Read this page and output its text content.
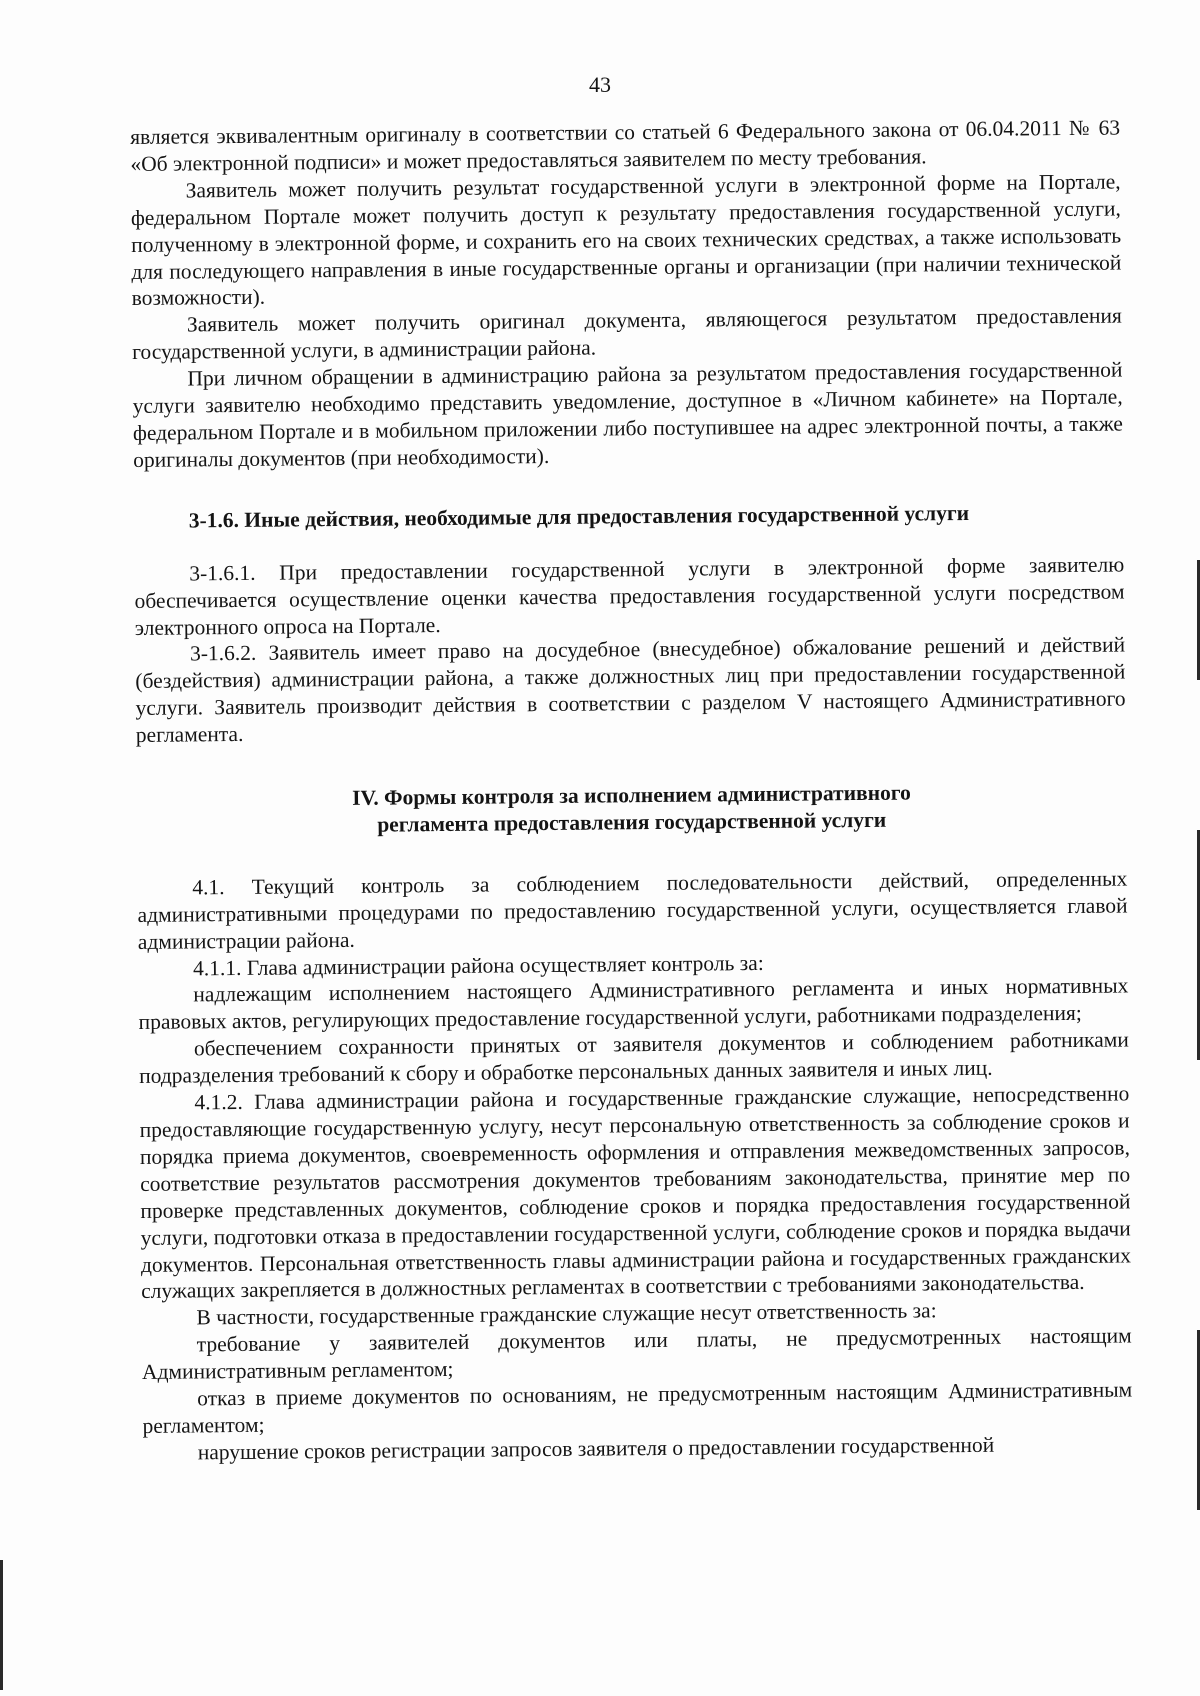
43

является эквивалентным оригиналу в соответствии со статьей 6 Федерального закона от 06.04.2011 № 63 «Об электронной подписи» и может предоставляться заявителем по месту требования.

Заявитель может получить результат государственной услуги в электронной форме на Портале, федеральном Портале может получить доступ к результату предоставления государственной услуги, полученному в электронной форме, и сохранить его на своих технических средствах, а также использовать для последующего направления в иные государственные органы и организации (при наличии технической возможности).

Заявитель может получить оригинал документа, являющегося результатом предоставления государственной услуги, в администрации района.

При личном обращении в администрацию района за результатом предоставления государственной услуги заявителю необходимо представить уведомление, доступное в «Личном кабинете» на Портале, федеральном Портале и в мобильном приложении либо поступившее на адрес электронной почты, а также оригиналы документов (при необходимости).

3-1.6. Иные действия, необходимые для предоставления государственной услуги

3-1.6.1. При предоставлении государственной услуги в электронной форме заявителю обеспечивается осуществление оценки качества предоставления государственной услуги посредством электронного опроса на Портале.

3-1.6.2. Заявитель имеет право на досудебное (внесудебное) обжалование решений и действий (бездействия) администрации района, а также должностных лиц при предоставлении государственной услуги. Заявитель производит действия в соответствии с разделом V настоящего Административного регламента.

IV. Формы контроля за исполнением административного

регламента предоставления государственной услуги

4.1. Текущий контроль за соблюдением последовательности действий, определенных административными процедурами по предоставлению государственной услуги, осуществляется главой администрации района.

4.1.1. Глава администрации района осуществляет контроль за:

надлежащим исполнением настоящего Административного регламента и иных нормативных правовых актов, регулирующих предоставление государственной услуги, работниками подразделения;

обеспечением сохранности принятых от заявителя документов и соблюдением работниками подразделения требований к сбору и обработке персональных данных заявителя и иных лиц.

4.1.2. Глава администрации района и государственные гражданские служащие, непосредственно предоставляющие государственную услугу, несут персональную ответственность за соблюдение сроков и порядка приема документов, своевременность оформления и отправления межведомственных запросов, соответствие результатов рассмотрения документов требованиям законодательства, принятие мер по проверке представленных документов, соблюдение сроков и порядка предоставления государственной услуги, подготовки отказа в предоставлении государственной услуги, соблюдение сроков и порядка выдачи документов. Персональная ответственность главы администрации района и государственных гражданских служащих закрепляется в должностных регламентах в соответствии с требованиями законодательства.

В частности, государственные гражданские служащие несут ответственность за:

требование у заявителей документов или платы, не предусмотренных настоящим Административным регламентом;

отказ в приеме документов по основаниям, не предусмотренным настоящим Административным регламентом;

нарушение сроков регистрации запросов заявителя о предоставлении государственной
